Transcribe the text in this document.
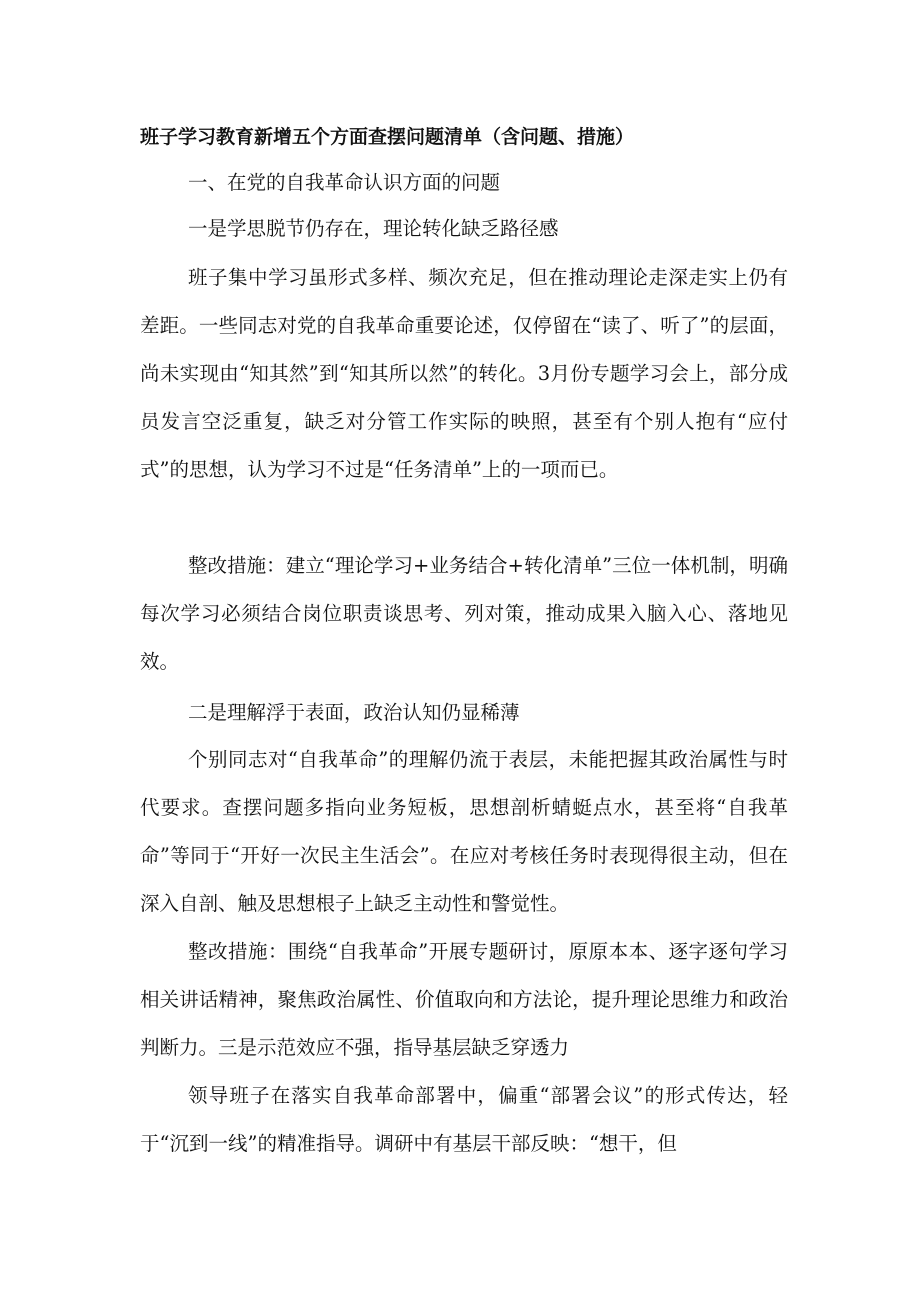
班子学习教育新增五个方面查摆问题清单（含问题、措施）
一、在党的自我革命认识方面的问题
一是学思脱节仍存在，理论转化缺乏路径感
班子集中学习虽形式多样、频次充足，但在推动理论走深走实上仍有差距。一些同志对党的自我革命重要论述，仅停留在“读了、听了”的层面，尚未实现由“知其然”到“知其所以然”的转化。3月份专题学习会上，部分成员发言空泛重复，缺乏对分管工作实际的映照，甚至有个别人抱有“应付式”的思想，认为学习不过是“任务清单”上的一项而已。
整改措施：建立“理论学习+业务结合+转化清单”三位一体机制，明确每次学习必须结合岗位职责谈思考、列对策，推动成果入脑入心、落地见效。
二是理解浮于表面，政治认知仍显稀薄
个别同志对“自我革命”的理解仍流于表层，未能把握其政治属性与时代要求。查摆问题多指向业务短板，思想剖析蜻蜓点水，甚至将“自我革命”等同于“开好一次民主生活会”。在应对考核任务时表现得很主动，但在深入自剖、触及思想根子上缺乏主动性和警觉性。
整改措施：围绕“自我革命”开展专题研讨，原原本本、逐字逐句学习相关讲话精神，聚焦政治属性、价值取向和方法论，提升理论思维力和政治判断力。三是示范效应不强，指导基层缺乏穿透力
领导班子在落实自我革命部署中，偏重“部署会议”的形式传达，轻于“沉到一线”的精准指导。调研中有基层干部反映：“想干，但
